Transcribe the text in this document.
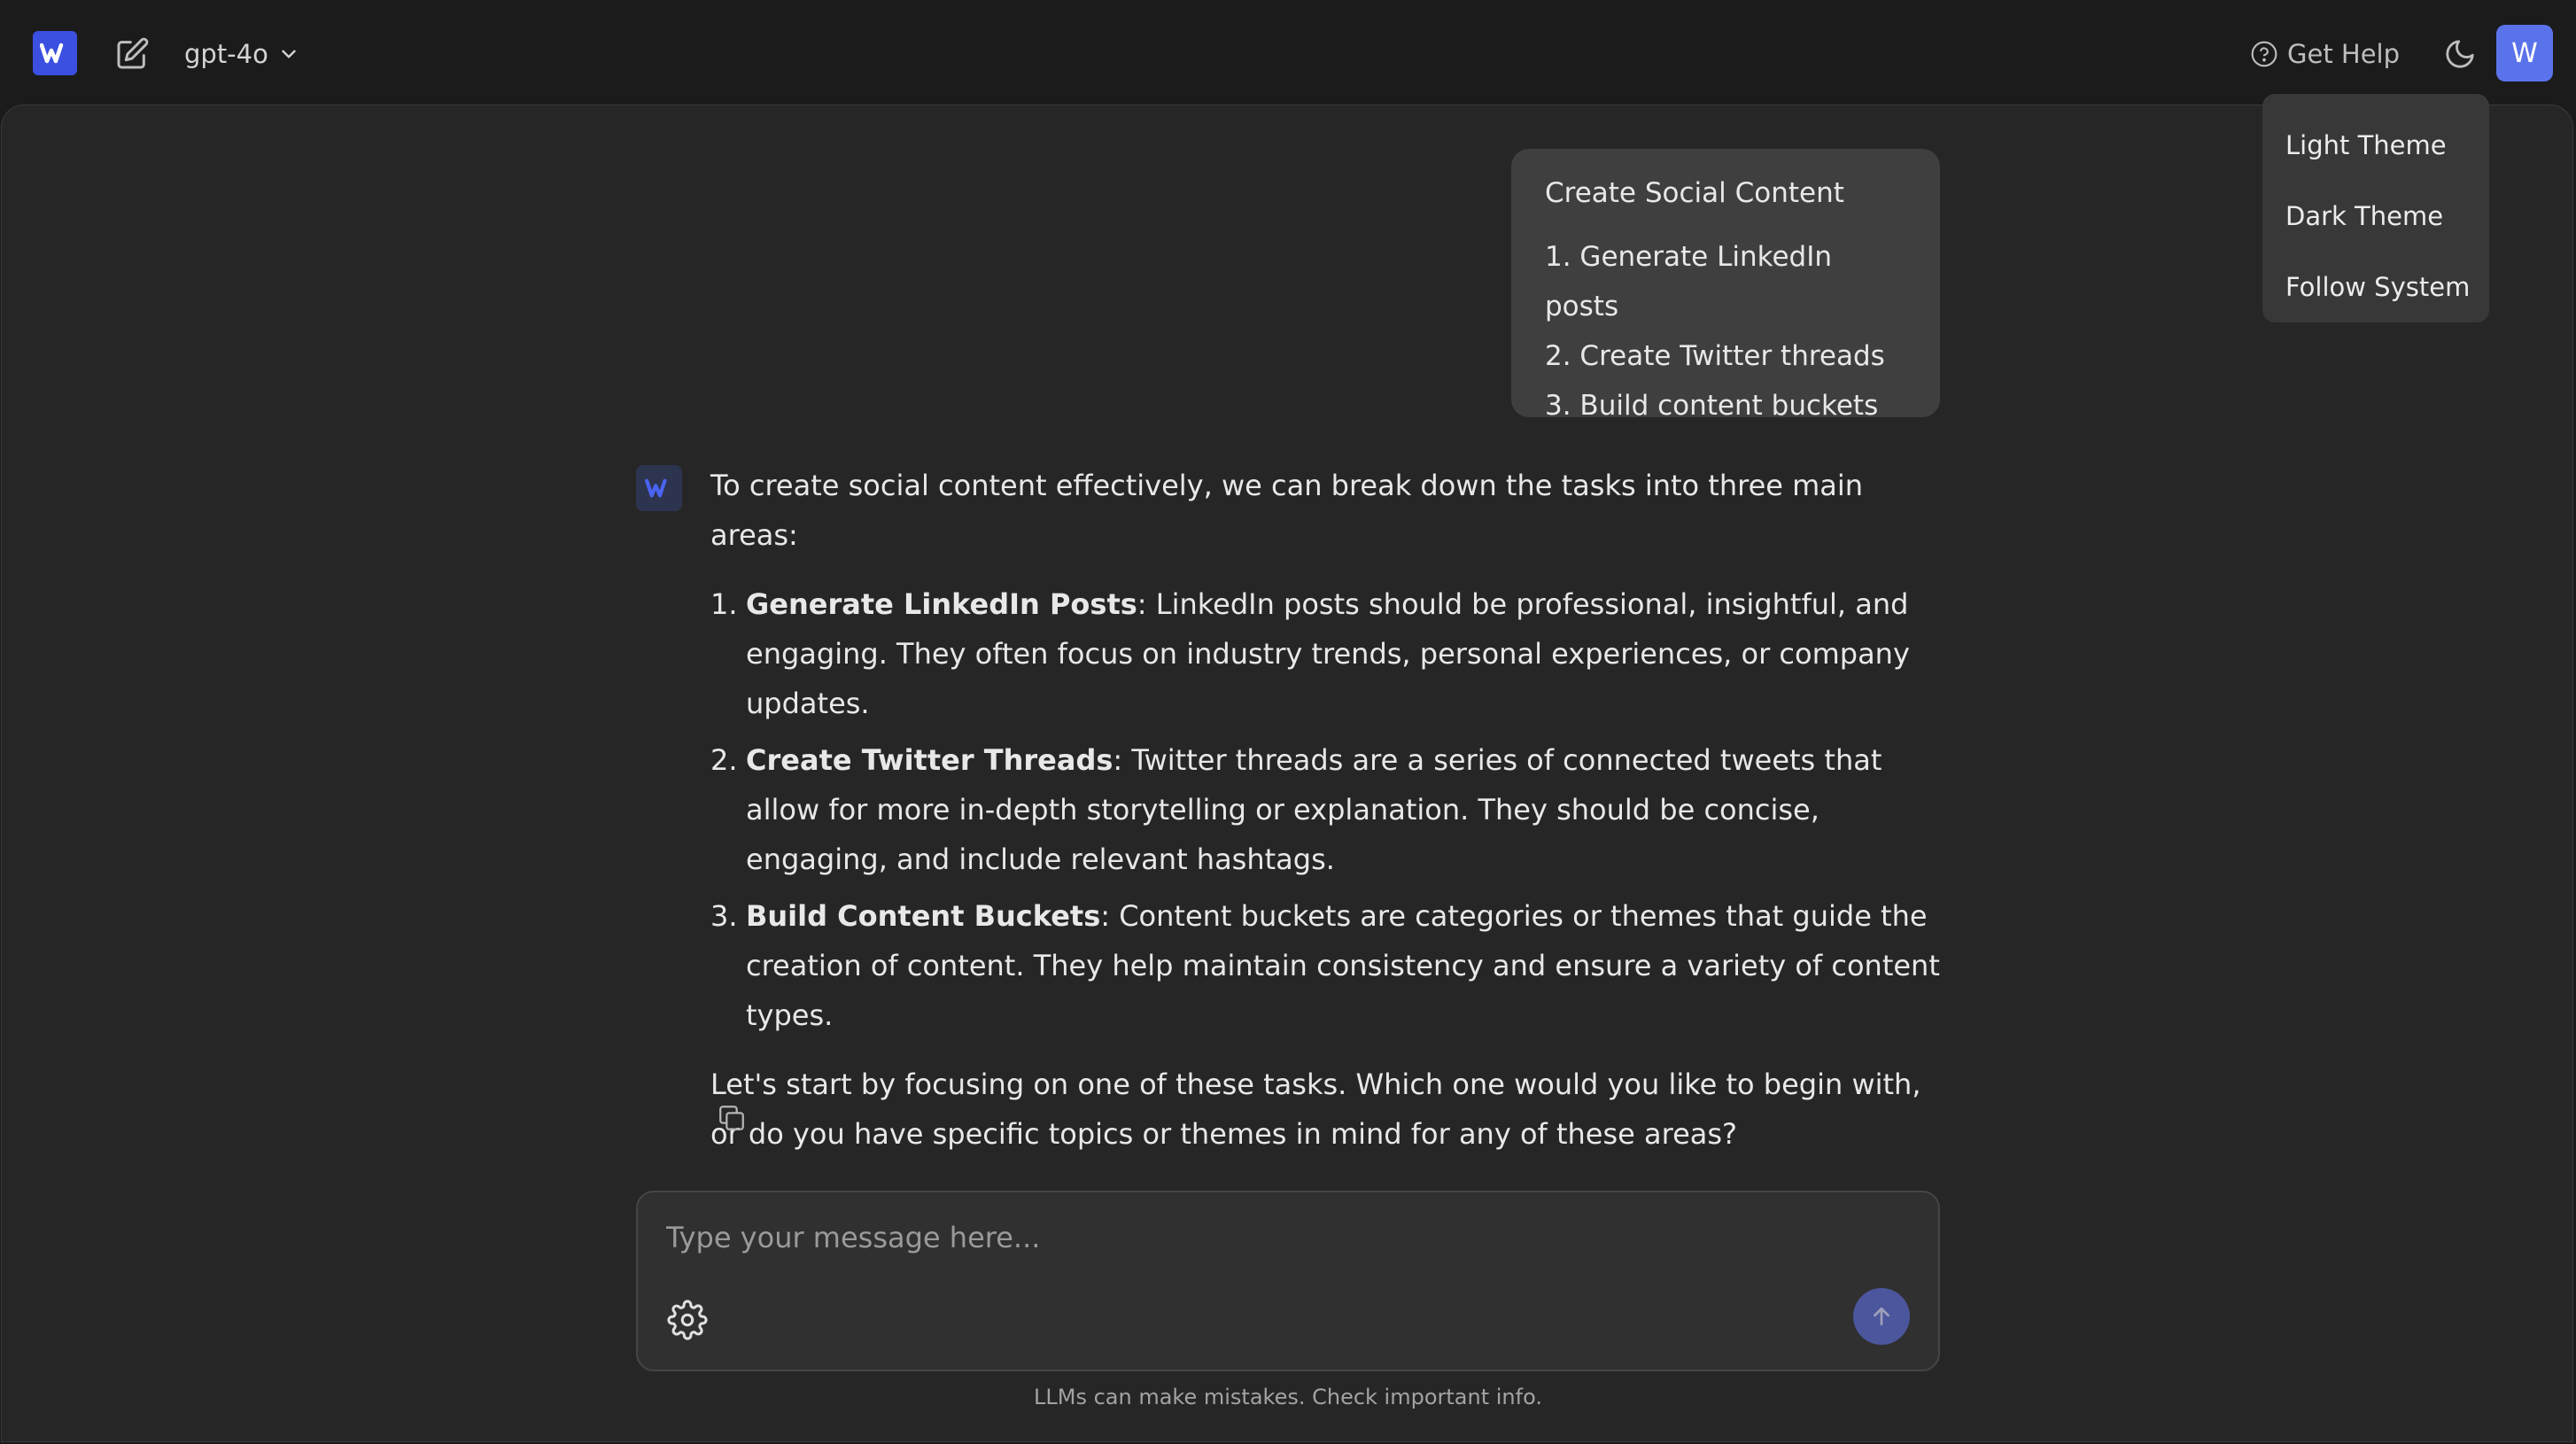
gpt-4o	Get Help	W
Create Social Content
1. Generate LinkedIn posts
2. Create Twitter threads
3. Build content buckets

To create social content effectively, we can break down the tasks into three main areas:

1. Generate LinkedIn Posts: LinkedIn posts should be professional, insightful, and engaging. They often focus on industry trends, personal experiences, or company updates.
2. Create Twitter Threads: Twitter threads are a series of connected tweets that allow for more in-depth storytelling or explanation. They should be concise, engaging, and include relevant hashtags.
3. Build Content Buckets: Content buckets are categories or themes that guide the creation of content. They help maintain consistency and ensure a variety of content types.

Let's start by focusing on one of these tasks. Which one would you like to begin with, or do you have specific topics or themes in mind for any of these areas?

Type your message here...
LLMs can make mistakes. Check important info.
Light Theme
Dark Theme
Follow System
